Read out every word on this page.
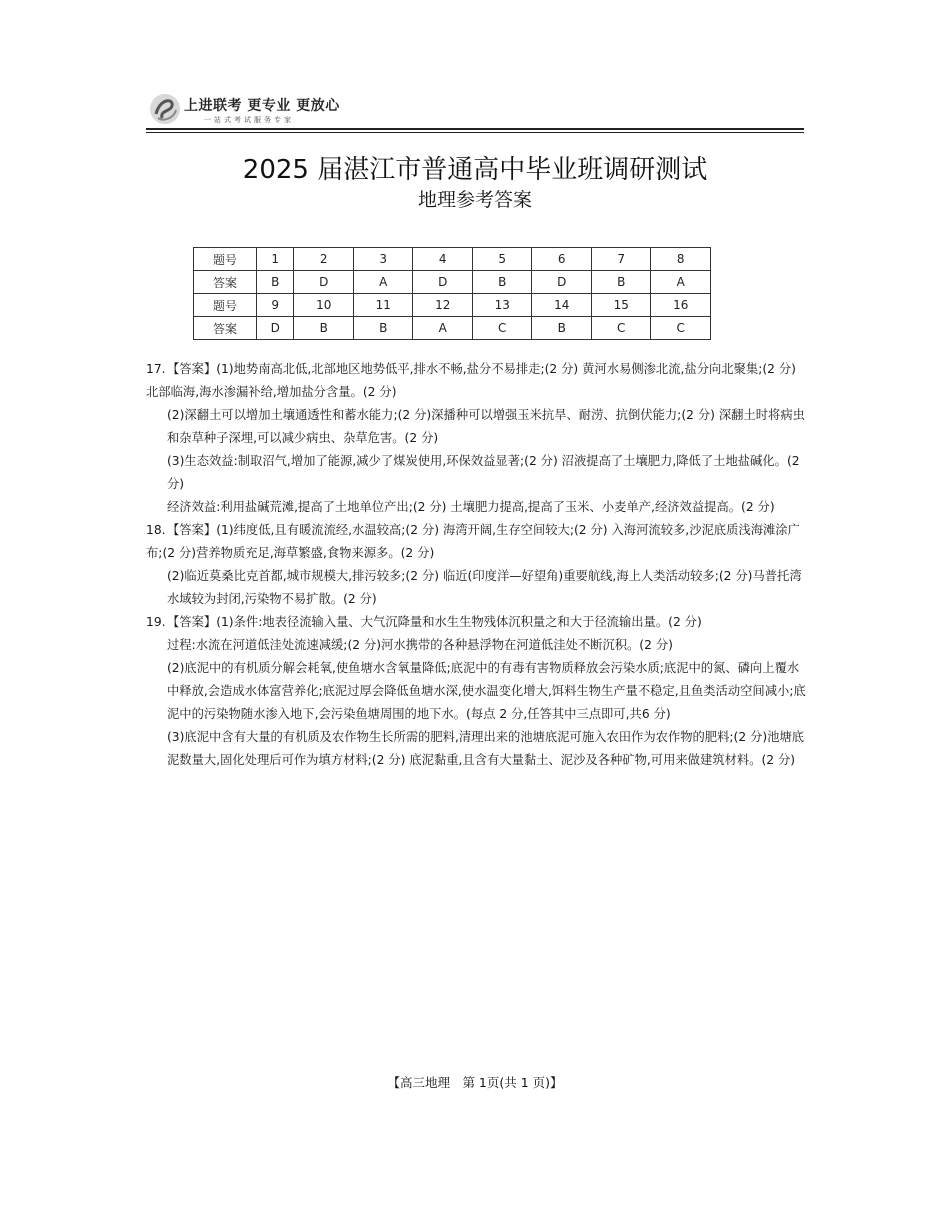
上进联考 更专业 更放心
一站式考试服务专家
2025 届湛江市普通高中毕业班调研测试
地理参考答案
题号	1	2	3	4	5	6	7	8
答案	B	D	A	D	B	D	B	A
题号	9	10	11	12	13	14	15	16
答案	D	B	B	A	C	B	C	C
17.【答案】(1)地势南高北低,北部地区地势低平,排水不畅,盐分不易排走;(2 分) 黄河水易侧渗北流,盐分向北聚集;(2 分)北部临海,海水渗漏补给,增加盐分含量。(2 分)
(2)深翻土可以增加土壤通透性和蓄水能力;(2 分)深播种可以增强玉米抗旱、耐涝、抗倒伏能力;(2 分) 深翻土时将病虫和杂草种子深埋,可以减少病虫、杂草危害。(2 分)
(3)生态效益:制取沼气,增加了能源,减少了煤炭使用,环保效益显著;(2 分) 沼液提高了土壤肥力,降低了土地盐碱化。(2 分)
经济效益:利用盐碱荒滩,提高了土地单位产出;(2 分) 土壤肥力提高,提高了玉米、小麦单产,经济效益提高。(2 分)
18.【答案】(1)纬度低,且有暖流流经,水温较高;(2 分) 海湾开阔,生存空间较大;(2 分) 入海河流较多,沙泥底质浅海滩涂广布;(2 分)营养物质充足,海草繁盛,食物来源多。(2 分)
(2)临近莫桑比克首都,城市规模大,排污较多;(2 分) 临近(印度洋—好望角)重要航线,海上人类活动较多;(2 分)马普托湾水域较为封闭,污染物不易扩散。(2 分)
19.【答案】(1)条件:地表径流输入量、大气沉降量和水生生物残体沉积量之和大于径流输出量。(2 分)
过程:水流在河道低洼处流速减缓;(2 分)河水携带的各种悬浮物在河道低洼处不断沉积。(2 分)
(2)底泥中的有机质分解会耗氧,使鱼塘水含氧量降低;底泥中的有毒有害物质释放会污染水质;底泥中的氮、磷向上覆水中释放,会造成水体富营养化;底泥过厚会降低鱼塘水深,使水温变化增大,饵料生物生产量不稳定,且鱼类活动空间减小;底泥中的污染物随水渗入地下,会污染鱼塘周围的地下水。(每点 2 分,任答其中三点即可,共6 分)
(3)底泥中含有大量的有机质及农作物生长所需的肥料,清理出来的池塘底泥可施入农田作为农作物的肥料;(2 分)池塘底泥数量大,固化处理后可作为填方材料;(2 分) 底泥黏重,且含有大量黏土、泥沙及各种矿物,可用来做建筑材料。(2 分)
【高三地理　第 1页(共 1 页)】
